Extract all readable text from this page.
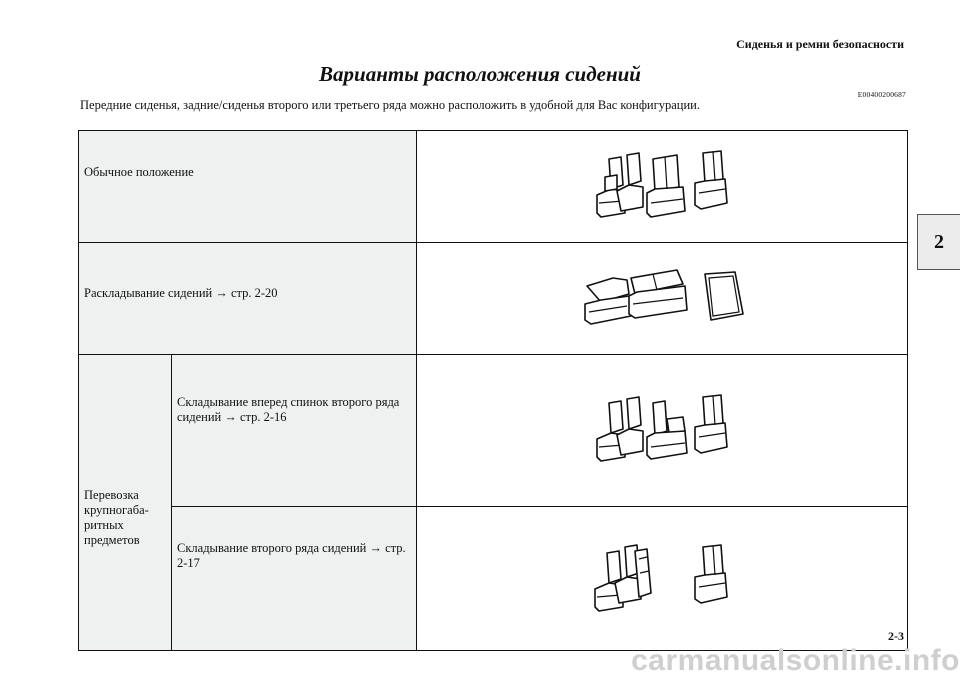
Сиденья и ремни безопасности
Варианты расположения сидений
E00400200687
Передние сиденья, задние/сиденья второго или третьего ряда можно расположить в удобной для Вас конфигурации.
2
Обычное положение

Раскладывание сидений → стр. 2-20

Перевозка крупногаба-ритных предметов	Складывание вперед спинок второго ряда сидений → стр. 2-16

	Складывание второго ряда сидений → стр. 2-17

2-3
carmanualsonline.info
